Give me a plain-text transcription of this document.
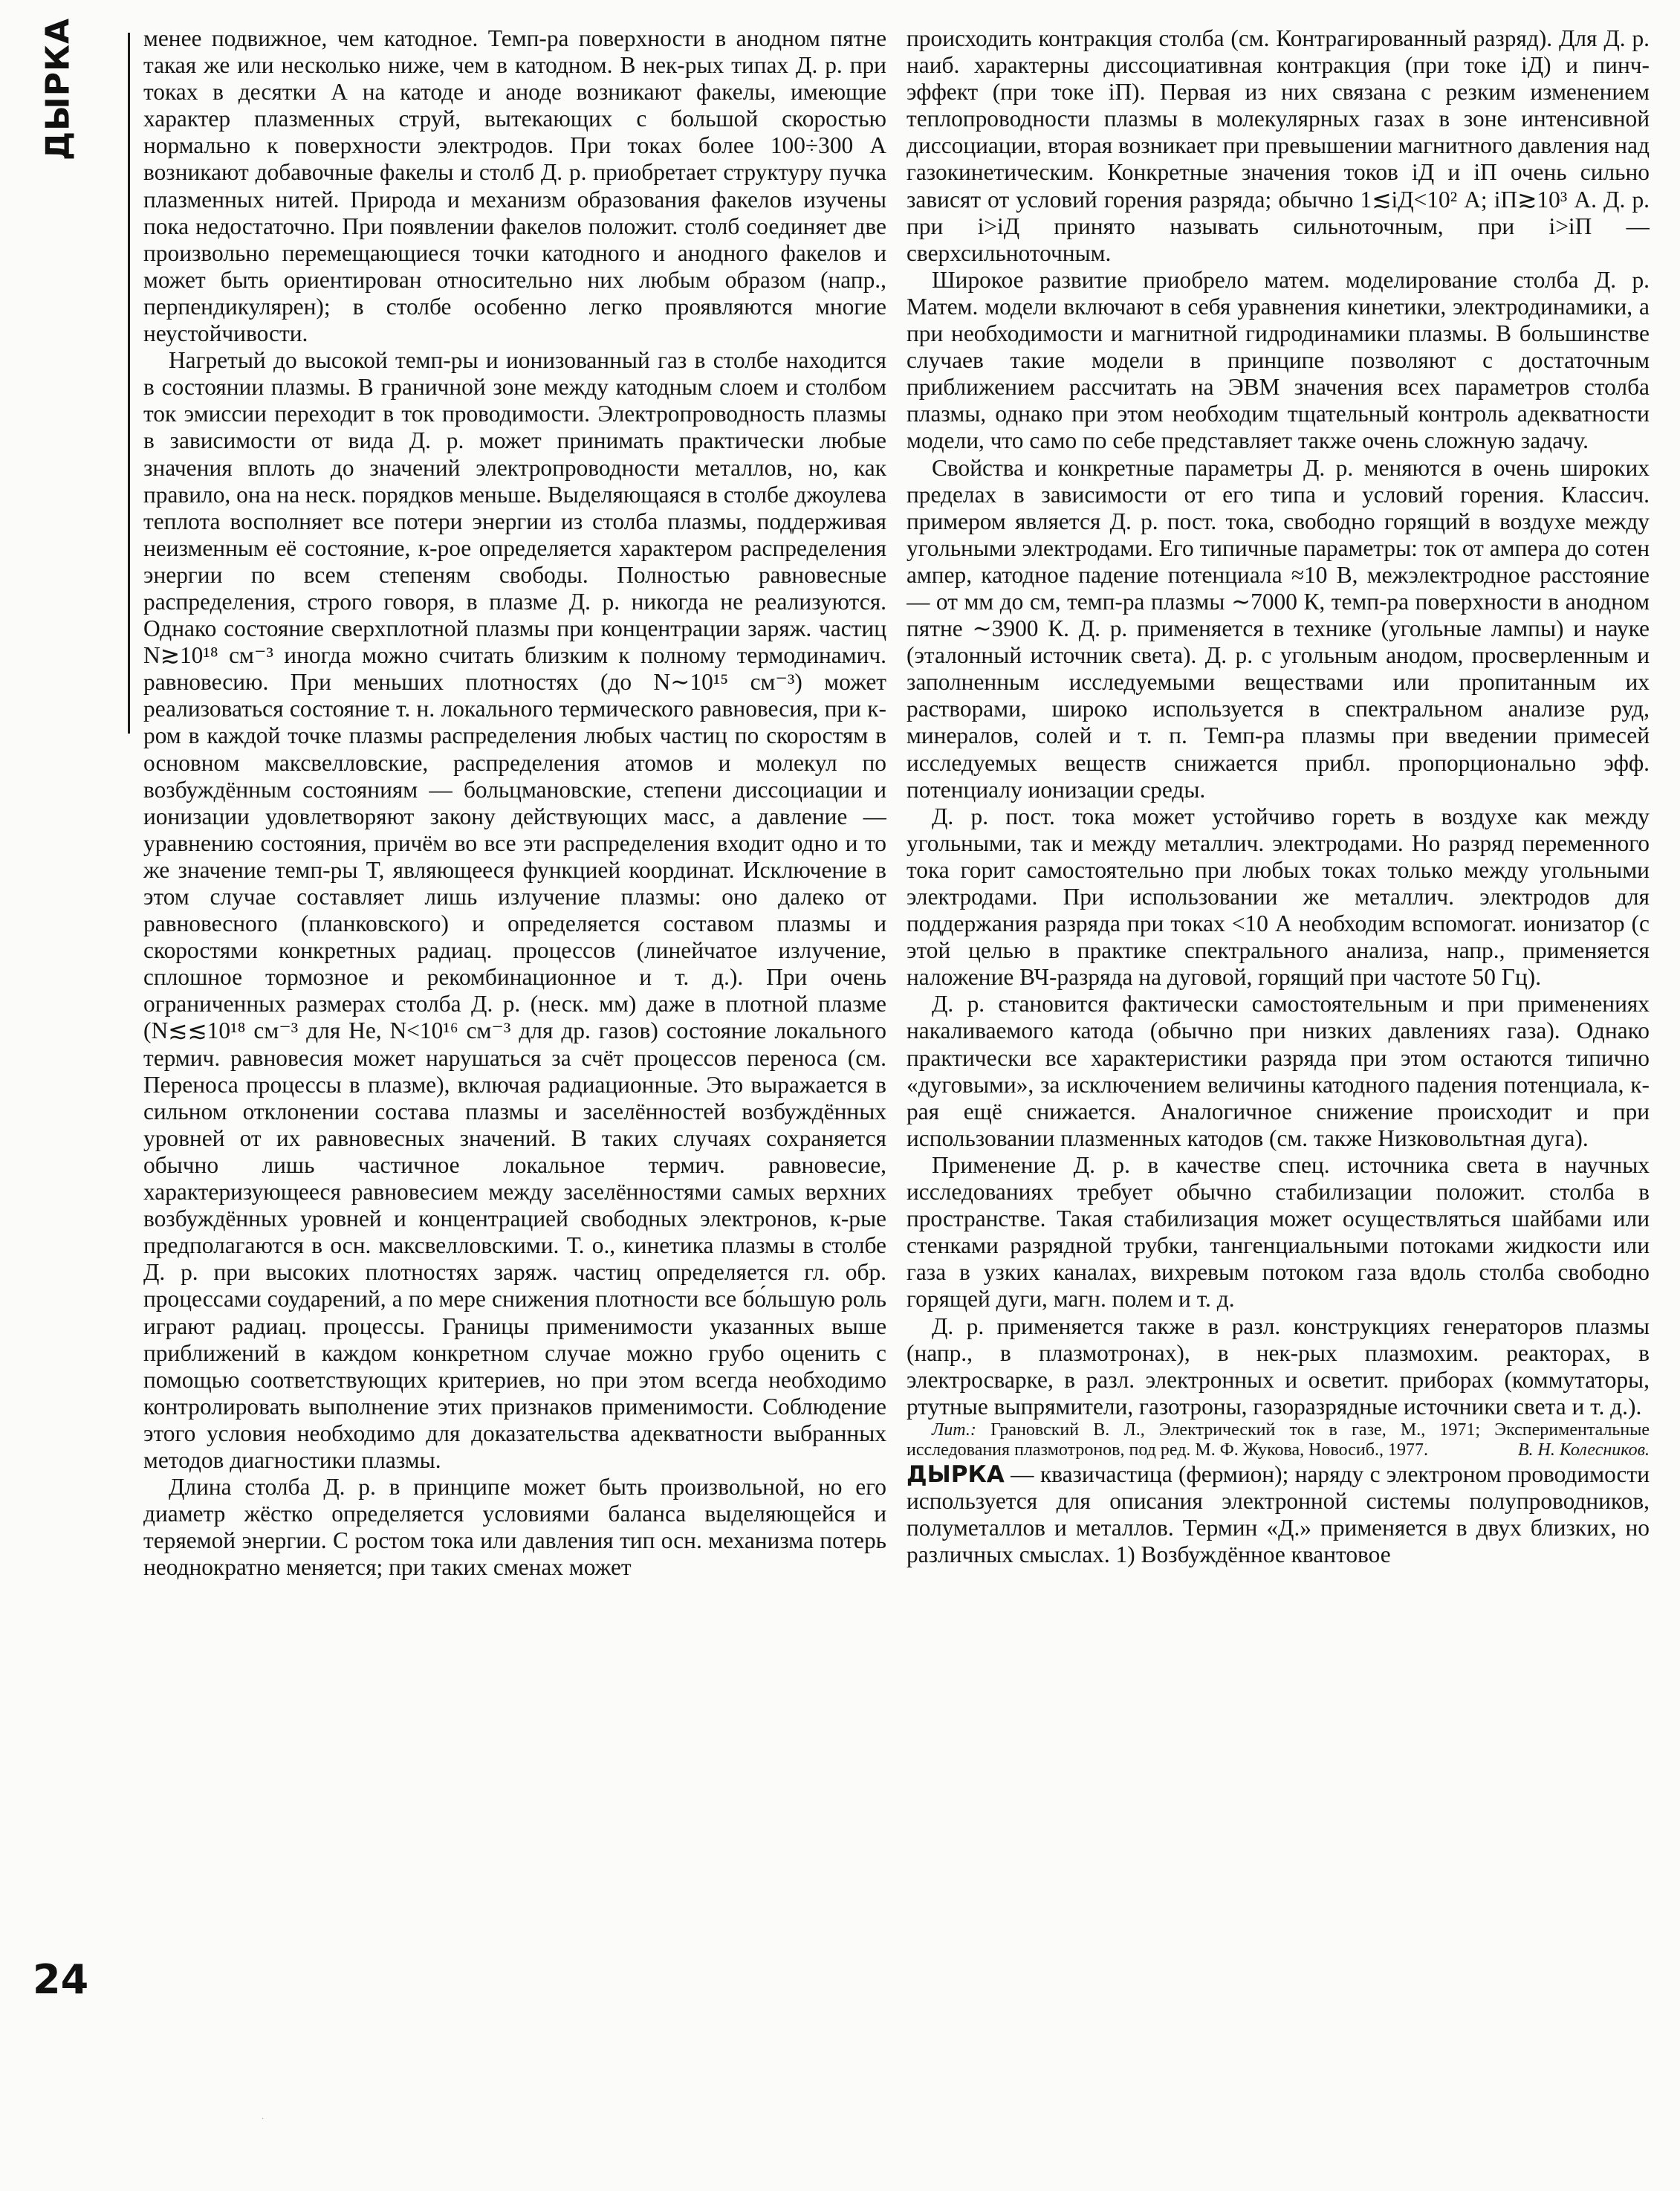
ДЫРКА
24

менее подвижное, чем катодное. Темп-ра поверхности в анодном пятне такая же или несколько ниже, чем в катодном. В нек-рых типах Д. р. при токах в десятки А на катоде и аноде возникают факелы, имеющие характер плазменных струй, вытекающих с большой скоростью нормально к поверхности электродов. При токах более 100÷300 А возникают добавочные факелы и столб Д. р. приобретает структуру пучка плазменных нитей. Природа и механизм образования факелов изучены пока недостаточно. При появлении факелов положит. столб соединяет две произвольно перемещающиеся точки катодного и анодного факелов и может быть ориентирован относительно них любым образом (напр., перпендикулярен); в столбе особенно легко проявляются многие неустойчивости.

Нагретый до высокой темп-ры и ионизованный газ в столбе находится в состоянии плазмы. В граничной зоне между катодным слоем и столбом ток эмиссии переходит в ток проводимости. Электропроводность плазмы в зависимости от вида Д. р. может принимать практически любые значения вплоть до значений электропроводности металлов, но, как правило, она на неск. порядков меньше. Выделяющаяся в столбе джоулева теплота восполняет все потери энергии из столба плазмы, поддерживая неизменным её состояние, к-рое определяется характером распределения энергии по всем степеням свободы. Полностью равновесные распределения, строго говоря, в плазме Д. р. никогда не реализуются. Однако состояние сверхплотной плазмы при концентрации заряж. частиц N≳10¹⁸ см⁻³ иногда можно считать близким к полному термодинамич. равновесию. При меньших плотностях (до N∼10¹⁵ см⁻³) может реализоваться состояние т. н. локального термического равновесия, при к-ром в каждой точке плазмы распределения любых частиц по скоростям в основном максвелловские, распределения атомов и молекул по возбуждённым состояниям — больцмановские, степени диссоциации и ионизации удовлетворяют закону действующих масс, а давление — уравнению состояния, причём во все эти распределения входит одно и то же значение темп-ры T, являющееся функцией координат. Исключение в этом случае составляет лишь излучение плазмы: оно далеко от равновесного (планковского) и определяется составом плазмы и скоростями конкретных радиац. процессов (линейчатое излучение, сплошное тормозное и рекомбинационное и т. д.). При очень ограниченных размерах столба Д. р. (неск. мм) даже в плотной плазме (N≲≲10¹⁸ см⁻³ для Не, N<10¹⁶ см⁻³ для др. газов) состояние локального термич. равновесия может нарушаться за счёт процессов переноса (см. Переноса процессы в плазме), включая радиационные. Это выражается в сильном отклонении состава плазмы и заселённостей возбуждённых уровней от их равновесных значений. В таких случаях сохраняется обычно лишь частичное локальное термич. равновесие, характеризующееся равновесием между заселённостями самых верхних возбуждённых уровней и концентрацией свободных электронов, к-рые предполагаются в осн. максвелловскими. Т. о., кинетика плазмы в столбе Д. р. при высоких плотностях заряж. частиц определяется гл. обр. процессами соударений, а по мере снижения плотности все бо́льшую роль играют радиац. процессы. Границы применимости указанных выше приближений в каждом конкретном случае можно грубо оценить с помощью соответствующих критериев, но при этом всегда необходимо контролировать выполнение этих признаков применимости. Соблюдение этого условия необходимо для доказательства адекватности выбранных методов диагностики плазмы.

Длина столба Д. р. в принципе может быть произвольной, но его диаметр жёстко определяется условиями баланса выделяющейся и теряемой энергии. С ростом тока или давления тип осн. механизма потерь неоднократно меняется; при таких сменах может

происходить контракция столба (см. Контрагированный разряд). Для Д. р. наиб. характерны диссоциативная контракция (при токе iД) и пинч-эффект (при токе iП). Первая из них связана с резким изменением теплопроводности плазмы в молекулярных газах в зоне интенсивной диссоциации, вторая возникает при превышении магнитного давления над газокинетическим. Конкретные значения токов iД и iП очень сильно зависят от условий горения разряда; обычно 1≲iД<10² А; iП≳10³ А. Д. р. при i>iД принято называть сильноточным, при i>iП — сверхсильноточным.

Широкое развитие приобрело матем. моделирование столба Д. р. Матем. модели включают в себя уравнения кинетики, электродинамики, а при необходимости и магнитной гидродинамики плазмы. В большинстве случаев такие модели в принципе позволяют с достаточным приближением рассчитать на ЭВМ значения всех параметров столба плазмы, однако при этом необходим тщательный контроль адекватности модели, что само по себе представляет также очень сложную задачу.

Свойства и конкретные параметры Д. р. меняются в очень широких пределах в зависимости от его типа и условий горения. Классич. примером является Д. р. пост. тока, свободно горящий в воздухе между угольными электродами. Его типичные параметры: ток от ампера до сотен ампер, катодное падение потенциала ≈10 В, межэлектродное расстояние — от мм до см, темп-ра плазмы ∼7000 К, темп-ра поверхности в анодном пятне ∼3900 К. Д. р. применяется в технике (угольные лампы) и науке (эталонный источник света). Д. р. с угольным анодом, просверленным и заполненным исследуемыми веществами или пропитанным их растворами, широко используется в спектральном анализе руд, минералов, солей и т. п. Темп-ра плазмы при введении примесей исследуемых веществ снижается прибл. пропорционально эфф. потенциалу ионизации среды.

Д. р. пост. тока может устойчиво гореть в воздухе как между угольными, так и между металлич. электродами. Но разряд переменного тока горит самостоятельно при любых токах только между угольными электродами. При использовании же металлич. электродов для поддержания разряда при токах <10 А необходим вспомогат. ионизатор (с этой целью в практике спектрального анализа, напр., применяется наложение ВЧ-разряда на дуговой, горящий при частоте 50 Гц).

Д. р. становится фактически самостоятельным и при применениях накаливаемого катода (обычно при низких давлениях газа). Однако практически все характеристики разряда при этом остаются типично «дуговыми», за исключением величины катодного падения потенциала, к-рая ещё снижается. Аналогичное снижение происходит и при использовании плазменных катодов (см. также Низковольтная дуга).

Применение Д. р. в качестве спец. источника света в научных исследованиях требует обычно стабилизации положит. столба в пространстве. Такая стабилизация может осуществляться шайбами или стенками разрядной трубки, тангенциальными потоками жидкости или газа в узких каналах, вихревым потоком газа вдоль столба свободно горящей дуги, магн. полем и т. д.

Д. р. применяется также в разл. конструкциях генераторов плазмы (напр., в плазмотронах), в нек-рых плазмохим. реакторах, в электросварке, в разл. электронных и осветит. приборах (коммутаторы, ртутные выпрямители, газотроны, газоразрядные источники света и т. д.).

Лит.: Грановский В. Л., Электрический ток в газе, М., 1971; Экспериментальные исследования плазмотронов, под ред. М. Ф. Жукова, Новосиб., 1977.	В. Н. Колесников.

ДЫРКА — квазичастица (фермион); наряду с электроном проводимости используется для описания электронной системы полупроводников, полуметаллов и металлов. Термин «Д.» применяется в двух близких, но различных смыслах. 1) Возбуждённое квантовое

·
